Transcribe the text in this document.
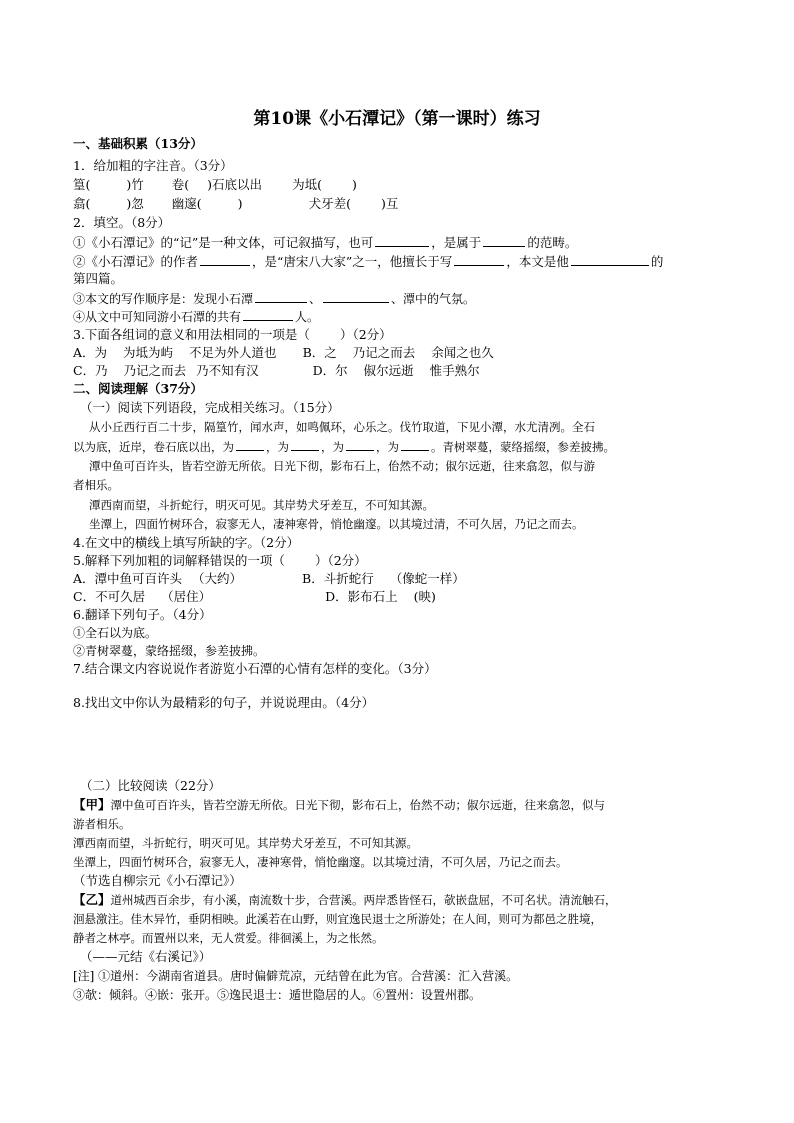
第10课《小石潭记》（第一课时）练习
一、基础积累（13分）
1．给加粗的字注音。（3分）
篁(	)竹 卷( )石底以出 为坻( )
翕(	)忽 幽邃(	)	犬牙差( )互
2．填空。（8分）
①《小石潭记》的“记”是一种文体，可记叙描写，也可	，是属于	的范畴。
②《小石潭记》的作者	，是“唐宋八大家”之一，他擅长于写	，本文是他	的
第四篇。
③本文的写作顺序是：发现小石潭	、	、潭中的气氛。
④从文中可知同游小石潭的共有	人。
3.下面各组词的意义和用法相同的一项是（ ）（2分）
A．为 为坻为屿 不足为外人道也 B．之 乃记之而去 余闻之也久
C．乃 乃记之而去 乃不知有汉	D．尔 俶尔远逝 惟手熟尔
二、阅读理解（37分）
（一）阅读下列语段，完成相关练习。（15分）
从小丘西行百二十步，隔篁竹，闻水声，如鸣佩环，心乐之。伐竹取道，下见小潭，水尤清冽。全石
以为底，近岸，卷石底以出，为	，为	，为	，为	。青树翠蔓，蒙络摇缀，参差披拂。
潭中鱼可百许头，皆若空游无所依。日光下彻，影布石上，佁然不动；俶尔远逝，往来翕忽，似与游
者相乐。
潭西南而望，斗折蛇行，明灭可见。其岸势犬牙差互，不可知其源。
坐潭上，四面竹树环合，寂寥无人，凄神寒骨，悄怆幽邃。以其境过清，不可久居，乃记之而去。
4.在文中的横线上填写所缺的字。（2分）
5.解释下列加粗的词解释错误的一项（ ）（2分）
A．潭中鱼可百许头 （大约）	B．斗折蛇行 （像蛇一样）
C．不可久居 （居住）	D．影布石上 (映)
6.翻译下列句子。（4分）
①全石以为底。
②青树翠蔓，蒙络摇缀，参差披拂。
7.结合课文内容说说作者游览小石潭的心情有怎样的变化。（3分）
8.找出文中你认为最精彩的句子，并说说理由。（4分）
（二）比较阅读（22分）
【甲】潭中鱼可百许头，皆若空游无所依。日光下彻，影布石上，佁然不动；俶尔远逝，往来翕忽，似与
游者相乐。
潭西南而望，斗折蛇行，明灭可见。其岸势犬牙差互，不可知其源。
坐潭上，四面竹树环合，寂寥无人，凄神寒骨，悄怆幽邃。以其境过清，不可久居，乃记之而去。
（节选自柳宗元《小石潭记》）
【乙】道州城西百余步，有小溪，南流数十步，合营溪。两岸悉皆怪石，欹嵌盘屈，不可名状。清流触石，
洄悬激注。佳木异竹，垂阴相映。此溪若在山野，则宜逸民退士之所游处；在人间，则可为都邑之胜境，
静者之林亭。而置州以来，无人赏爱。徘徊溪上，为之怅然。
（——元结《右溪记》）
[注] ①道州：今湖南省道县。唐时偏僻荒凉，元结曾在此为官。合营溪：汇入营溪。
③欹：倾斜。④嵌：张开。⑤逸民退士：遁世隐居的人。⑥置州：设置州郡。
